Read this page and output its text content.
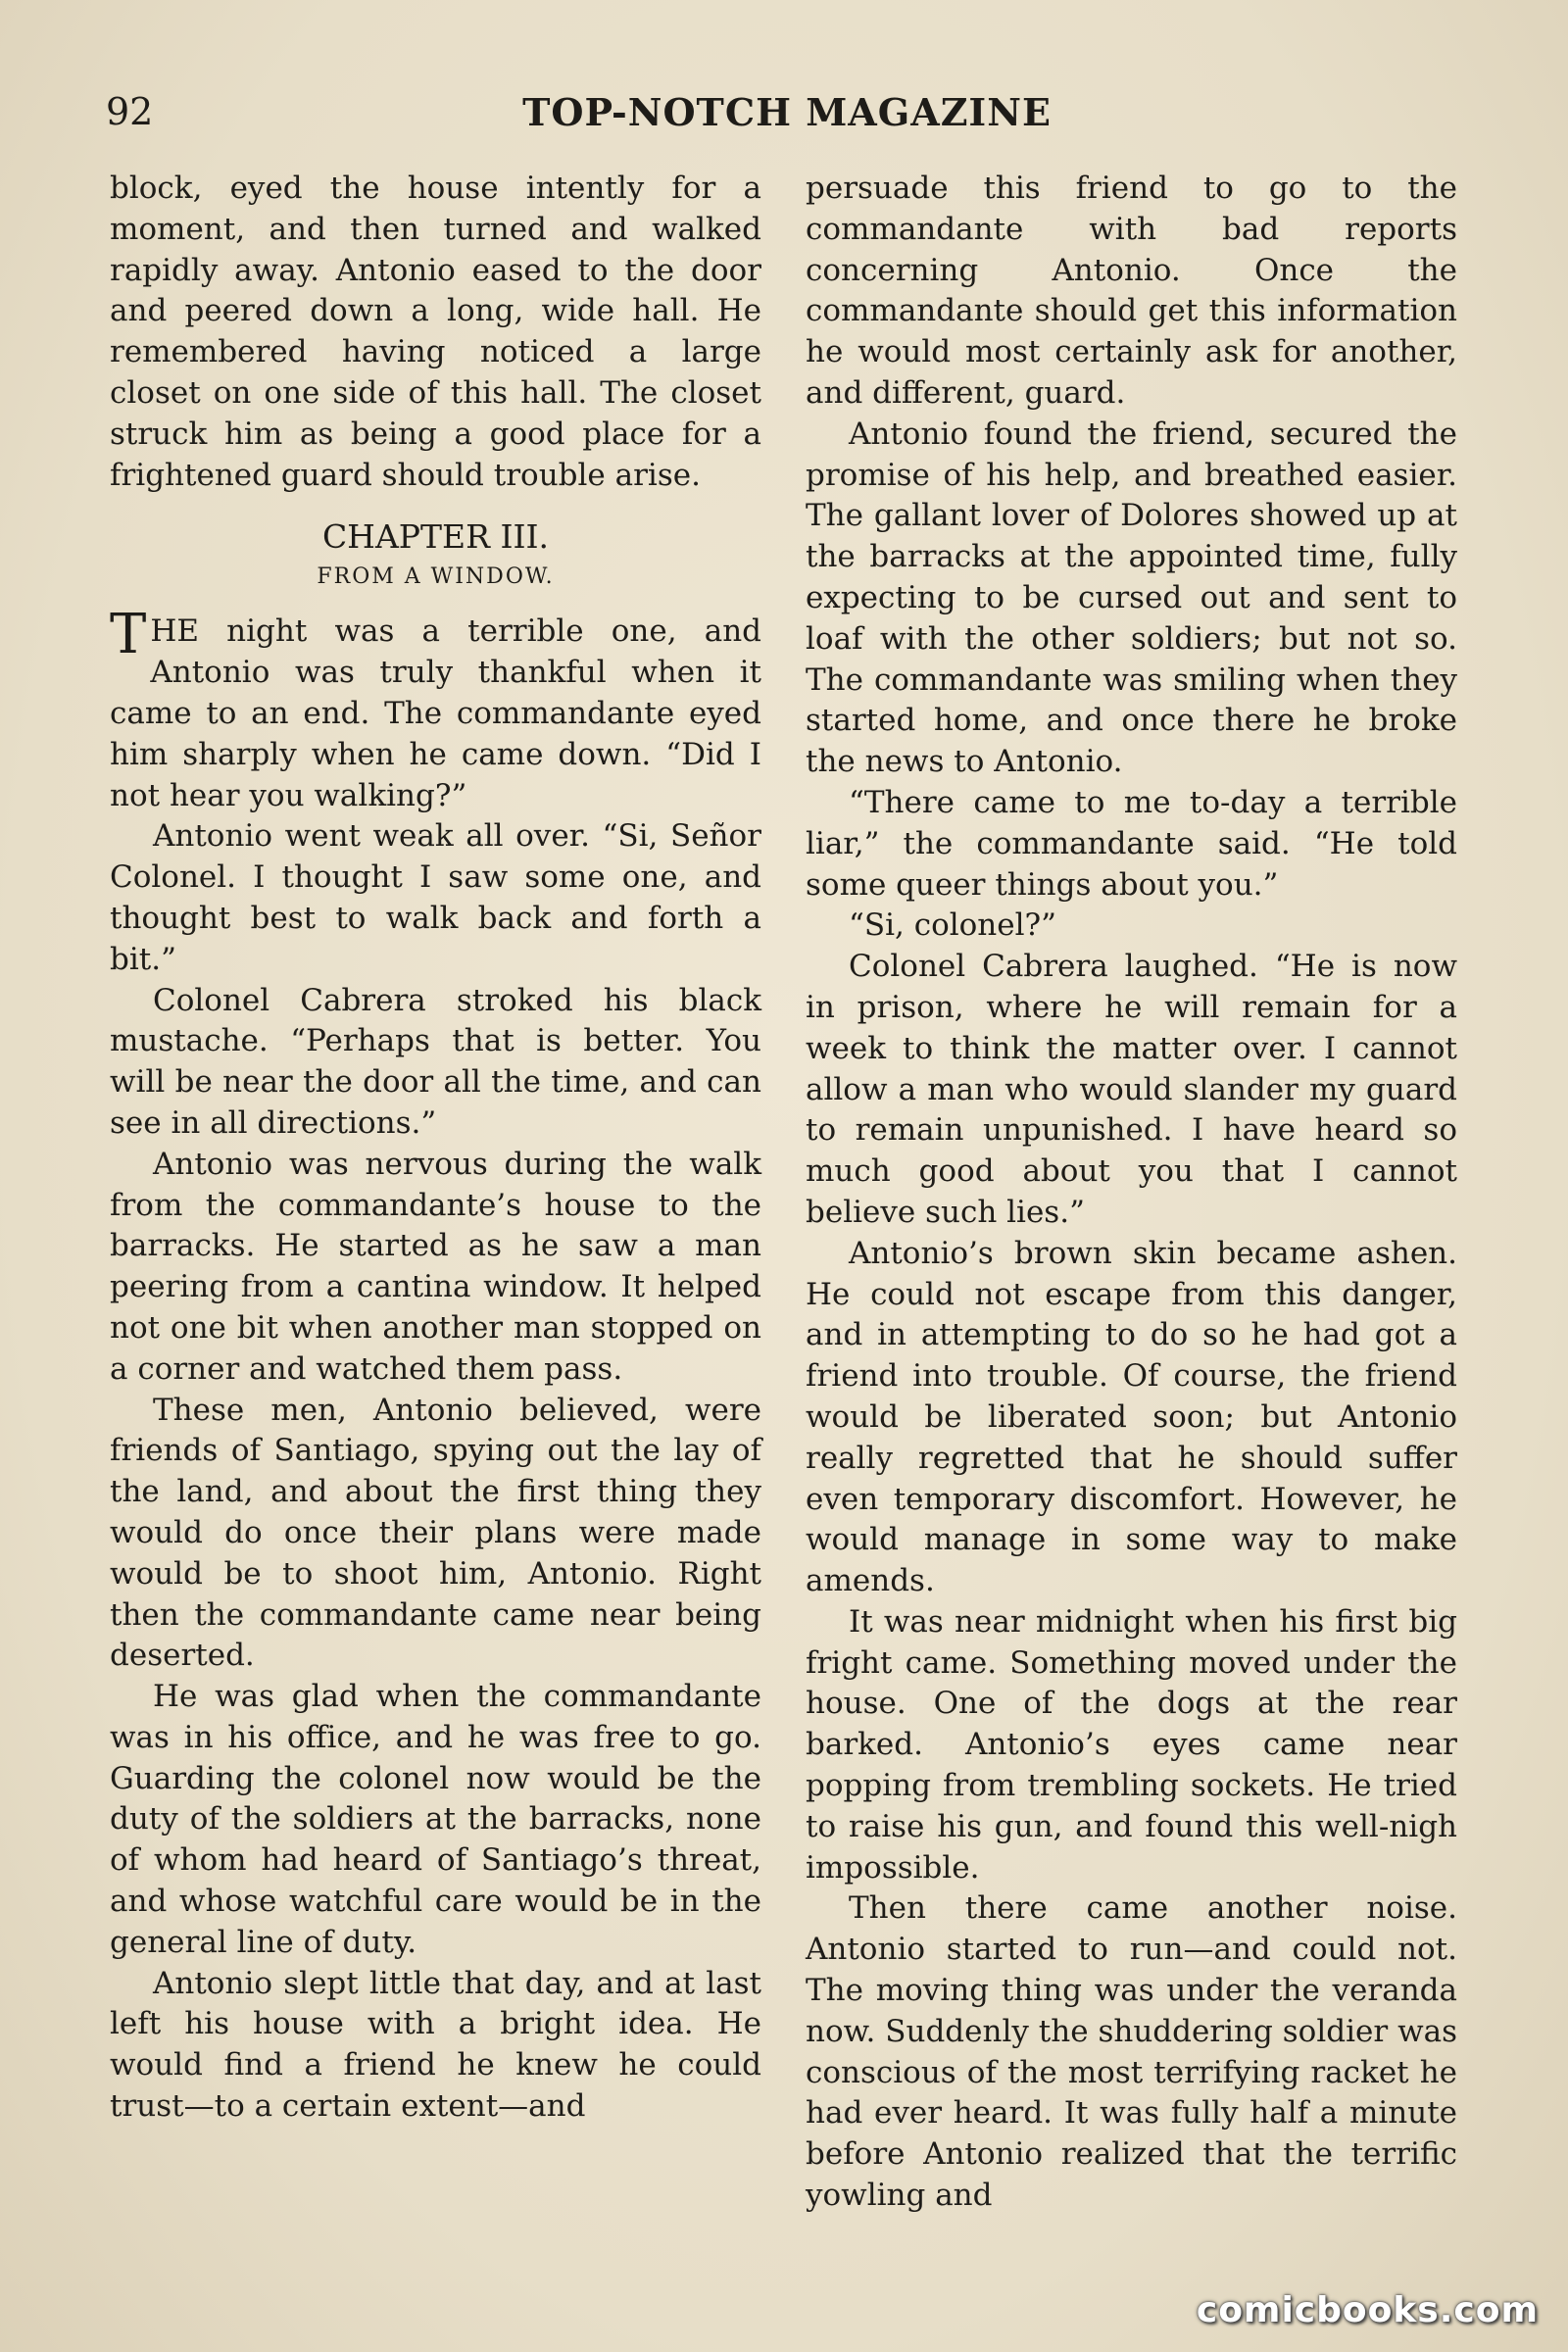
92	TOP-NOTCH MAGAZINE

block, eyed the house intently for a moment, and then turned and walked rapidly away. Antonio eased to the door and peered down a long, wide hall. He remembered having noticed a large closet on one side of this hall. The closet struck him as being a good place for a frightened guard should trouble arise.

CHAPTER III.
FROM A WINDOW.

THE night was a terrible one, and Antonio was truly thankful when it came to an end. The commandante eyed him sharply when he came down. “Did I not hear you walking?”

Antonio went weak all over. “Si, Señor Colonel. I thought I saw some one, and thought best to walk back and forth a bit.”

Colonel Cabrera stroked his black mustache. “Perhaps that is better. You will be near the door all the time, and can see in all directions.”

Antonio was nervous during the walk from the commandante’s house to the barracks. He started as he saw a man peering from a cantina window. It helped not one bit when another man stopped on a corner and watched them pass.

These men, Antonio believed, were friends of Santiago, spying out the lay of the land, and about the first thing they would do once their plans were made would be to shoot him, Antonio. Right then the commandante came near being deserted.

He was glad when the commandante was in his office, and he was free to go. Guarding the colonel now would be the duty of the soldiers at the barracks, none of whom had heard of Santiago’s threat, and whose watchful care would be in the general line of duty.

Antonio slept little that day, and at last left his house with a bright idea. He would find a friend he knew he could trust—to a certain extent—and

persuade this friend to go to the commandante with bad reports concerning Antonio. Once the commandante should get this information he would most certainly ask for another, and different, guard.

Antonio found the friend, secured the promise of his help, and breathed easier. The gallant lover of Dolores showed up at the barracks at the appointed time, fully expecting to be cursed out and sent to loaf with the other soldiers; but not so. The commandante was smiling when they started home, and once there he broke the news to Antonio.

“There came to me to-day a terrible liar,” the commandante said. “He told some queer things about you.”

“Si, colonel?”

Colonel Cabrera laughed. “He is now in prison, where he will remain for a week to think the matter over. I cannot allow a man who would slander my guard to remain unpunished. I have heard so much good about you that I cannot believe such lies.”

Antonio’s brown skin became ashen. He could not escape from this danger, and in attempting to do so he had got a friend into trouble. Of course, the friend would be liberated soon; but Antonio really regretted that he should suffer even temporary discomfort. However, he would manage in some way to make amends.

It was near midnight when his first big fright came. Something moved under the house. One of the dogs at the rear barked. Antonio’s eyes came near popping from trembling sockets. He tried to raise his gun, and found this well-nigh impossible.

Then there came another noise. Antonio started to run—and could not. The moving thing was under the veranda now. Suddenly the shuddering soldier was conscious of the most terrifying racket he had ever heard. It was fully half a minute before Antonio realized that the terrific yowling and

comicbooks.com
